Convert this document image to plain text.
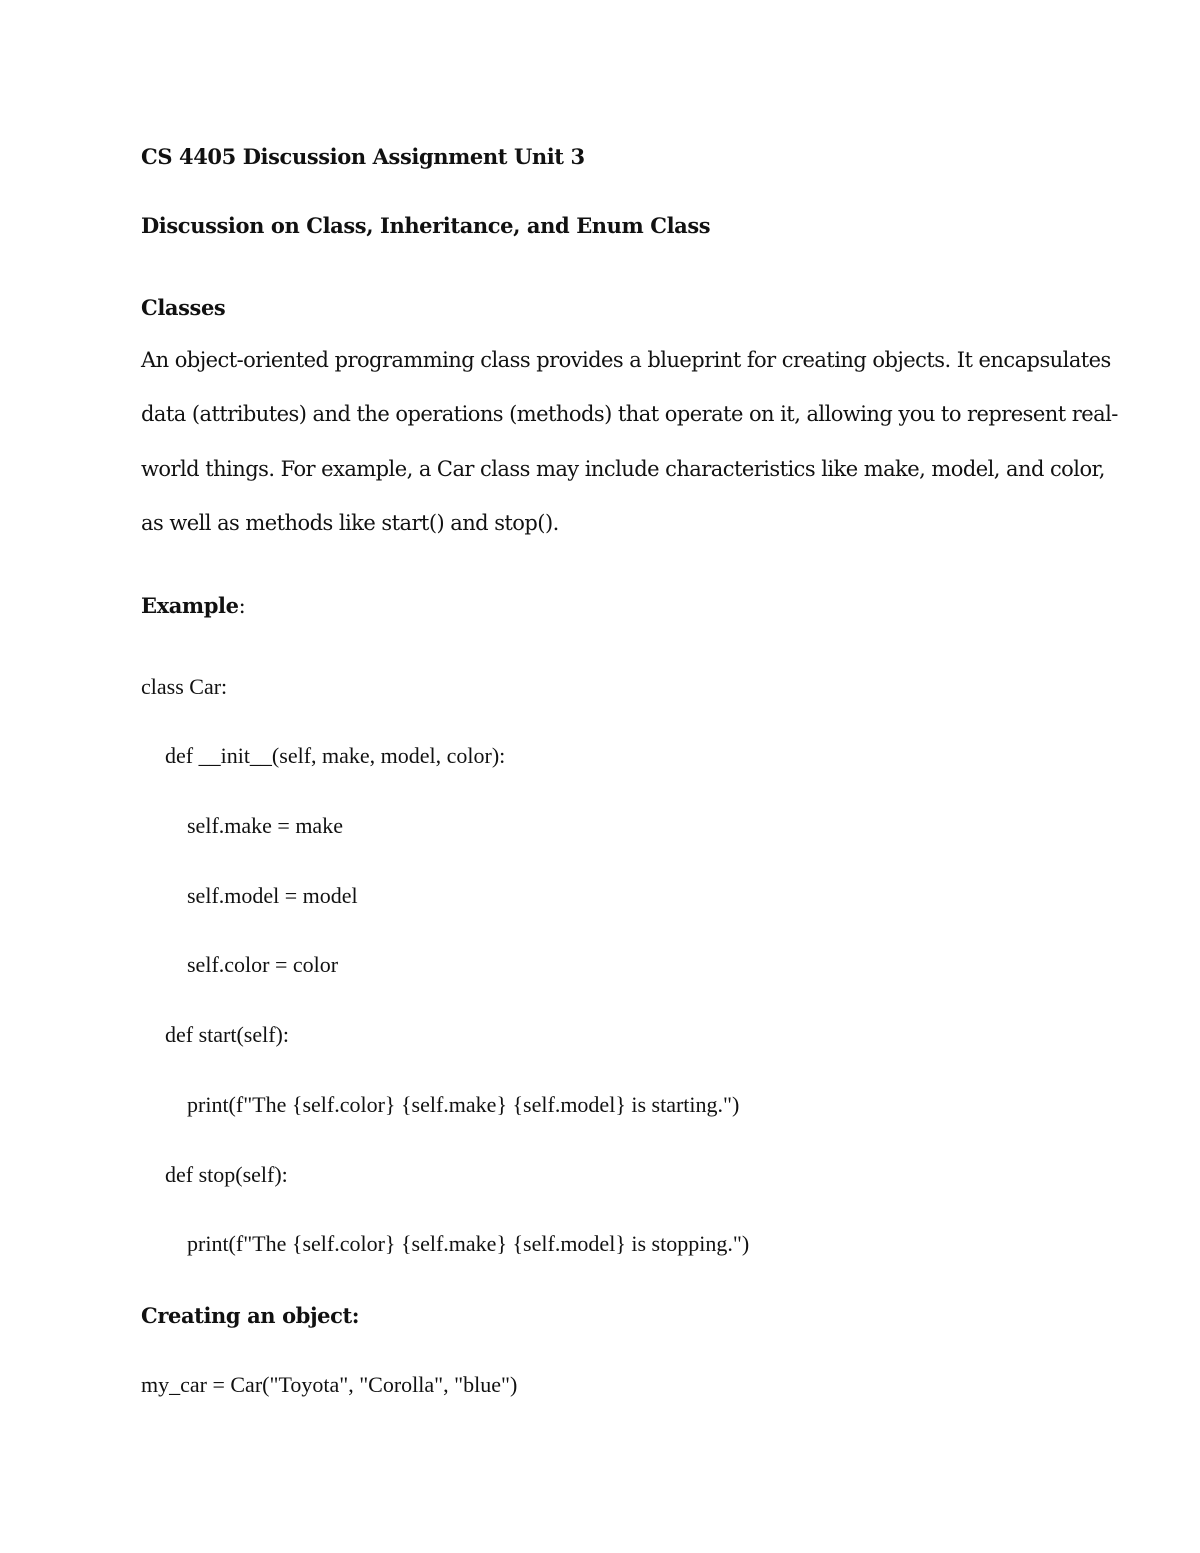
CS 4405 Discussion Assignment Unit 3
Discussion on Class, Inheritance, and Enum Class
Classes
An object-oriented programming class provides a blueprint for creating objects. It encapsulates
data (attributes) and the operations (methods) that operate on it, allowing you to represent real-
world things. For example, a Car class may include characteristics like make, model, and color,
as well as methods like start() and stop().
Example:
class Car:
def __init__(self, make, model, color):
self.make = make
self.model = model
self.color = color
def start(self):
print(f"The {self.color} {self.make} {self.model} is starting.")
def stop(self):
print(f"The {self.color} {self.make} {self.model} is stopping.")
Creating an object:
my_car = Car("Toyota", "Corolla", "blue")
